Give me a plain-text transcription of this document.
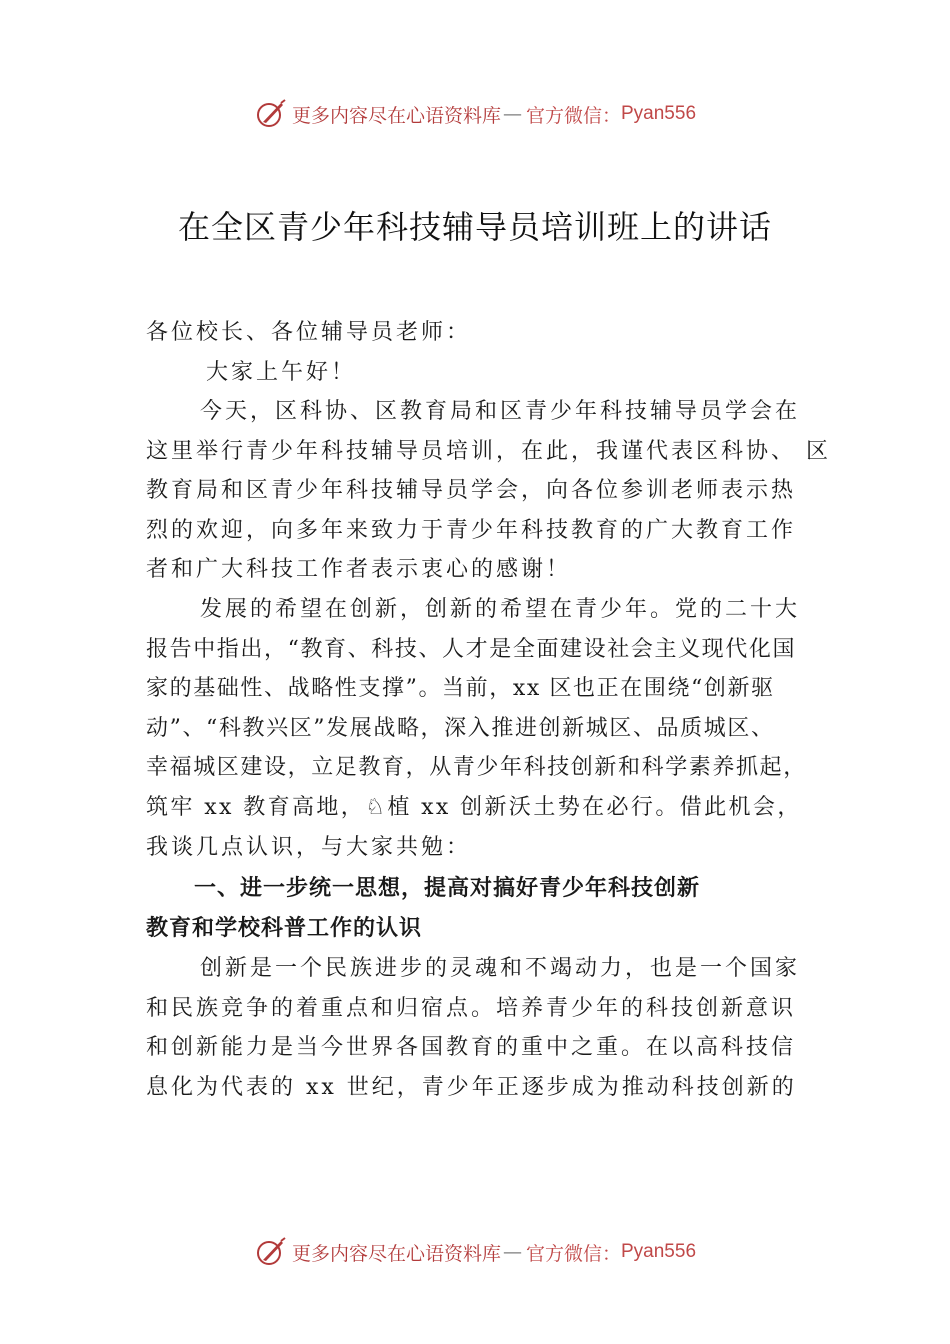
更多内容尽在心语资料库 — 官方微信： Pyan556
在全区青少年科技辅导员培训班上的讲话

各位校长、各位辅导员老师：

大家上午好！

今天，区科协、区教育局和区青少年科技辅导员学会在
这里举行青少年科技辅导员培训，在此，我谨代表区科协、 区
教育局和区青少年科技辅导员学会，向各位参训老师表示热
烈的欢迎，向多年来致力于青少年科技教育的广大教育工作
者和广大科技工作者表示衷心的感谢！
发展的希望在创新，创新的希望在青少年。党的二十大
报告中指出，“教育、科技、人才是全面建设社会主义现代化国
家的基础性、战略性支撑”。当前，xx 区也正在围绕“创新驱
动”、“科教兴区”发展战略，深入推进创新城区、品质城区、
幸福城区建设，立足教育，从青少年科技创新和科学素养抓起，
筑牢 xx 教育高地，♘植 xx 创新沃土势在必行。借此机会，
我谈几点认识，与大家共勉：
一、进一步统一思想，提高对搞好青少年科技创新
教育和学校科普工作的认识
创新是一个民族进步的灵魂和不竭动力，也是一个国家
和民族竞争的着重点和归宿点。培养青少年的科技创新意识
和创新能力是当今世界各国教育的重中之重。在以高科技信
息化为代表的 xx 世纪，青少年正逐步成为推动科技创新的
更多内容尽在心语资料库 — 官方微信： Pyan556
